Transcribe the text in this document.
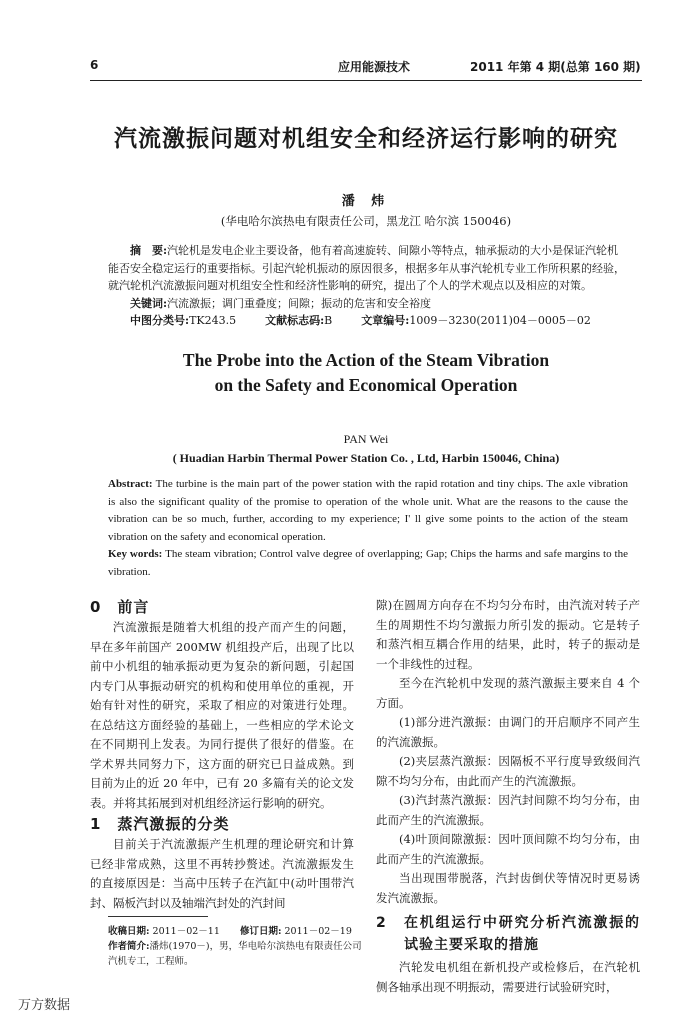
6	应用能源技术	2011 年第 4 期(总第 160 期)
汽流激振问题对机组安全和经济运行影响的研究
潘 炜
(华电哈尔滨热电有限责任公司，黑龙江 哈尔滨 150046)

摘　要:汽轮机是发电企业主要设备，他有着高速旋转、间隙小等特点，轴承振动的大小是保证汽轮机能否安全稳定运行的重要指标。引起汽轮机振动的原因很多，根据多年从事汽轮机专业工作所积累的经验，就汽轮机汽流激振问题对机组安全性和经济性影响的研究，提出了个人的学术观点以及相应的对策。

关键词:汽流激振；调门重叠度；间隙；振动的危害和安全裕度

中图分类号:TK243.5	文献标志码:B	文章编号:1009－3230(2011)04－0005－02

The Probe into the Action of the Steam Vibration
on the Safety and Economical Operation
PAN Wei
( Huadian Harbin Thermal Power Station Co. , Ltd, Harbin 150046, China)

Abstract: The turbine is the main part of the power station with the rapid rotation and tiny chips. The axle vibration is also the significant quality of the promise to operation of the whole unit. What are the reasons to the cause the vibration can be so much, further, according to my experience; I' ll give some points to the action of the steam vibration on the safety and economical operation.

Key words: The steam vibration; Control valve degree of overlapping; Gap; Chips the harms and safe margins to the vibration.

0　前言

汽流激振是随着大机组的投产而产生的问题，早在多年前国产 200MW 机组投产后，出现了比以前中小机组的轴承振动更为复杂的新问题，引起国内专门从事振动研究的机构和使用单位的重视，开始有针对性的研究，采取了相应的对策进行处理。在总结这方面经验的基础上，一些相应的学术论文在不同期刊上发表。为同行提供了很好的借鉴。在学术界共同努力下，这方面的研究已日益成熟。到目前为止的近 20 年中，已有 20 多篇有关的论文发表。并将其拓展到对机组经济运行影响的研究。

1　蒸汽激振的分类

目前关于汽流激振产生机理的理论研究和计算已经非常成熟，这里不再转抄赘述。汽流激振发生的直接原因是：当高中压转子在汽缸中(动叶围带汽封、隔板汽封以及轴端汽封处的汽封间

隙)在圆周方向存在不均匀分布时，由汽流对转子产生的周期性不均匀激振力所引发的振动。它是转子和蒸汽相互耦合作用的结果，此时，转子的振动是一个非线性的过程。

至今在汽轮机中发现的蒸汽激振主要来自 4 个方面。

(1)部分进汽激振：由调门的开启顺序不同产生的汽流激振。

(2)夹层蒸汽激振：因隔板不平行度导致级间汽隙不均匀分布，由此而产生的汽流激振。

(3)汽封蒸汽激振：因汽封间隙不均匀分布，由此而产生的汽流激振。

(4)叶顶间隙激振：因叶顶间隙不均匀分布，由此而产生的汽流激振。

当出现围带脱落，汽封齿倒伏等情况时更易诱发汽流激振。

2	在机组运行中研究分析汽流激振的试验主要采取的措施

汽轮发电机组在新机投产或检修后，在汽轮机侧各轴承出现不明振动，需要进行试验研究时，

收稿日期: 2011－02－11 修订日期: 2011－02－19

作者简介:潘炜(1970－)，男，华电哈尔滨热电有限责任公司汽机专工，工程师。

万方数据
